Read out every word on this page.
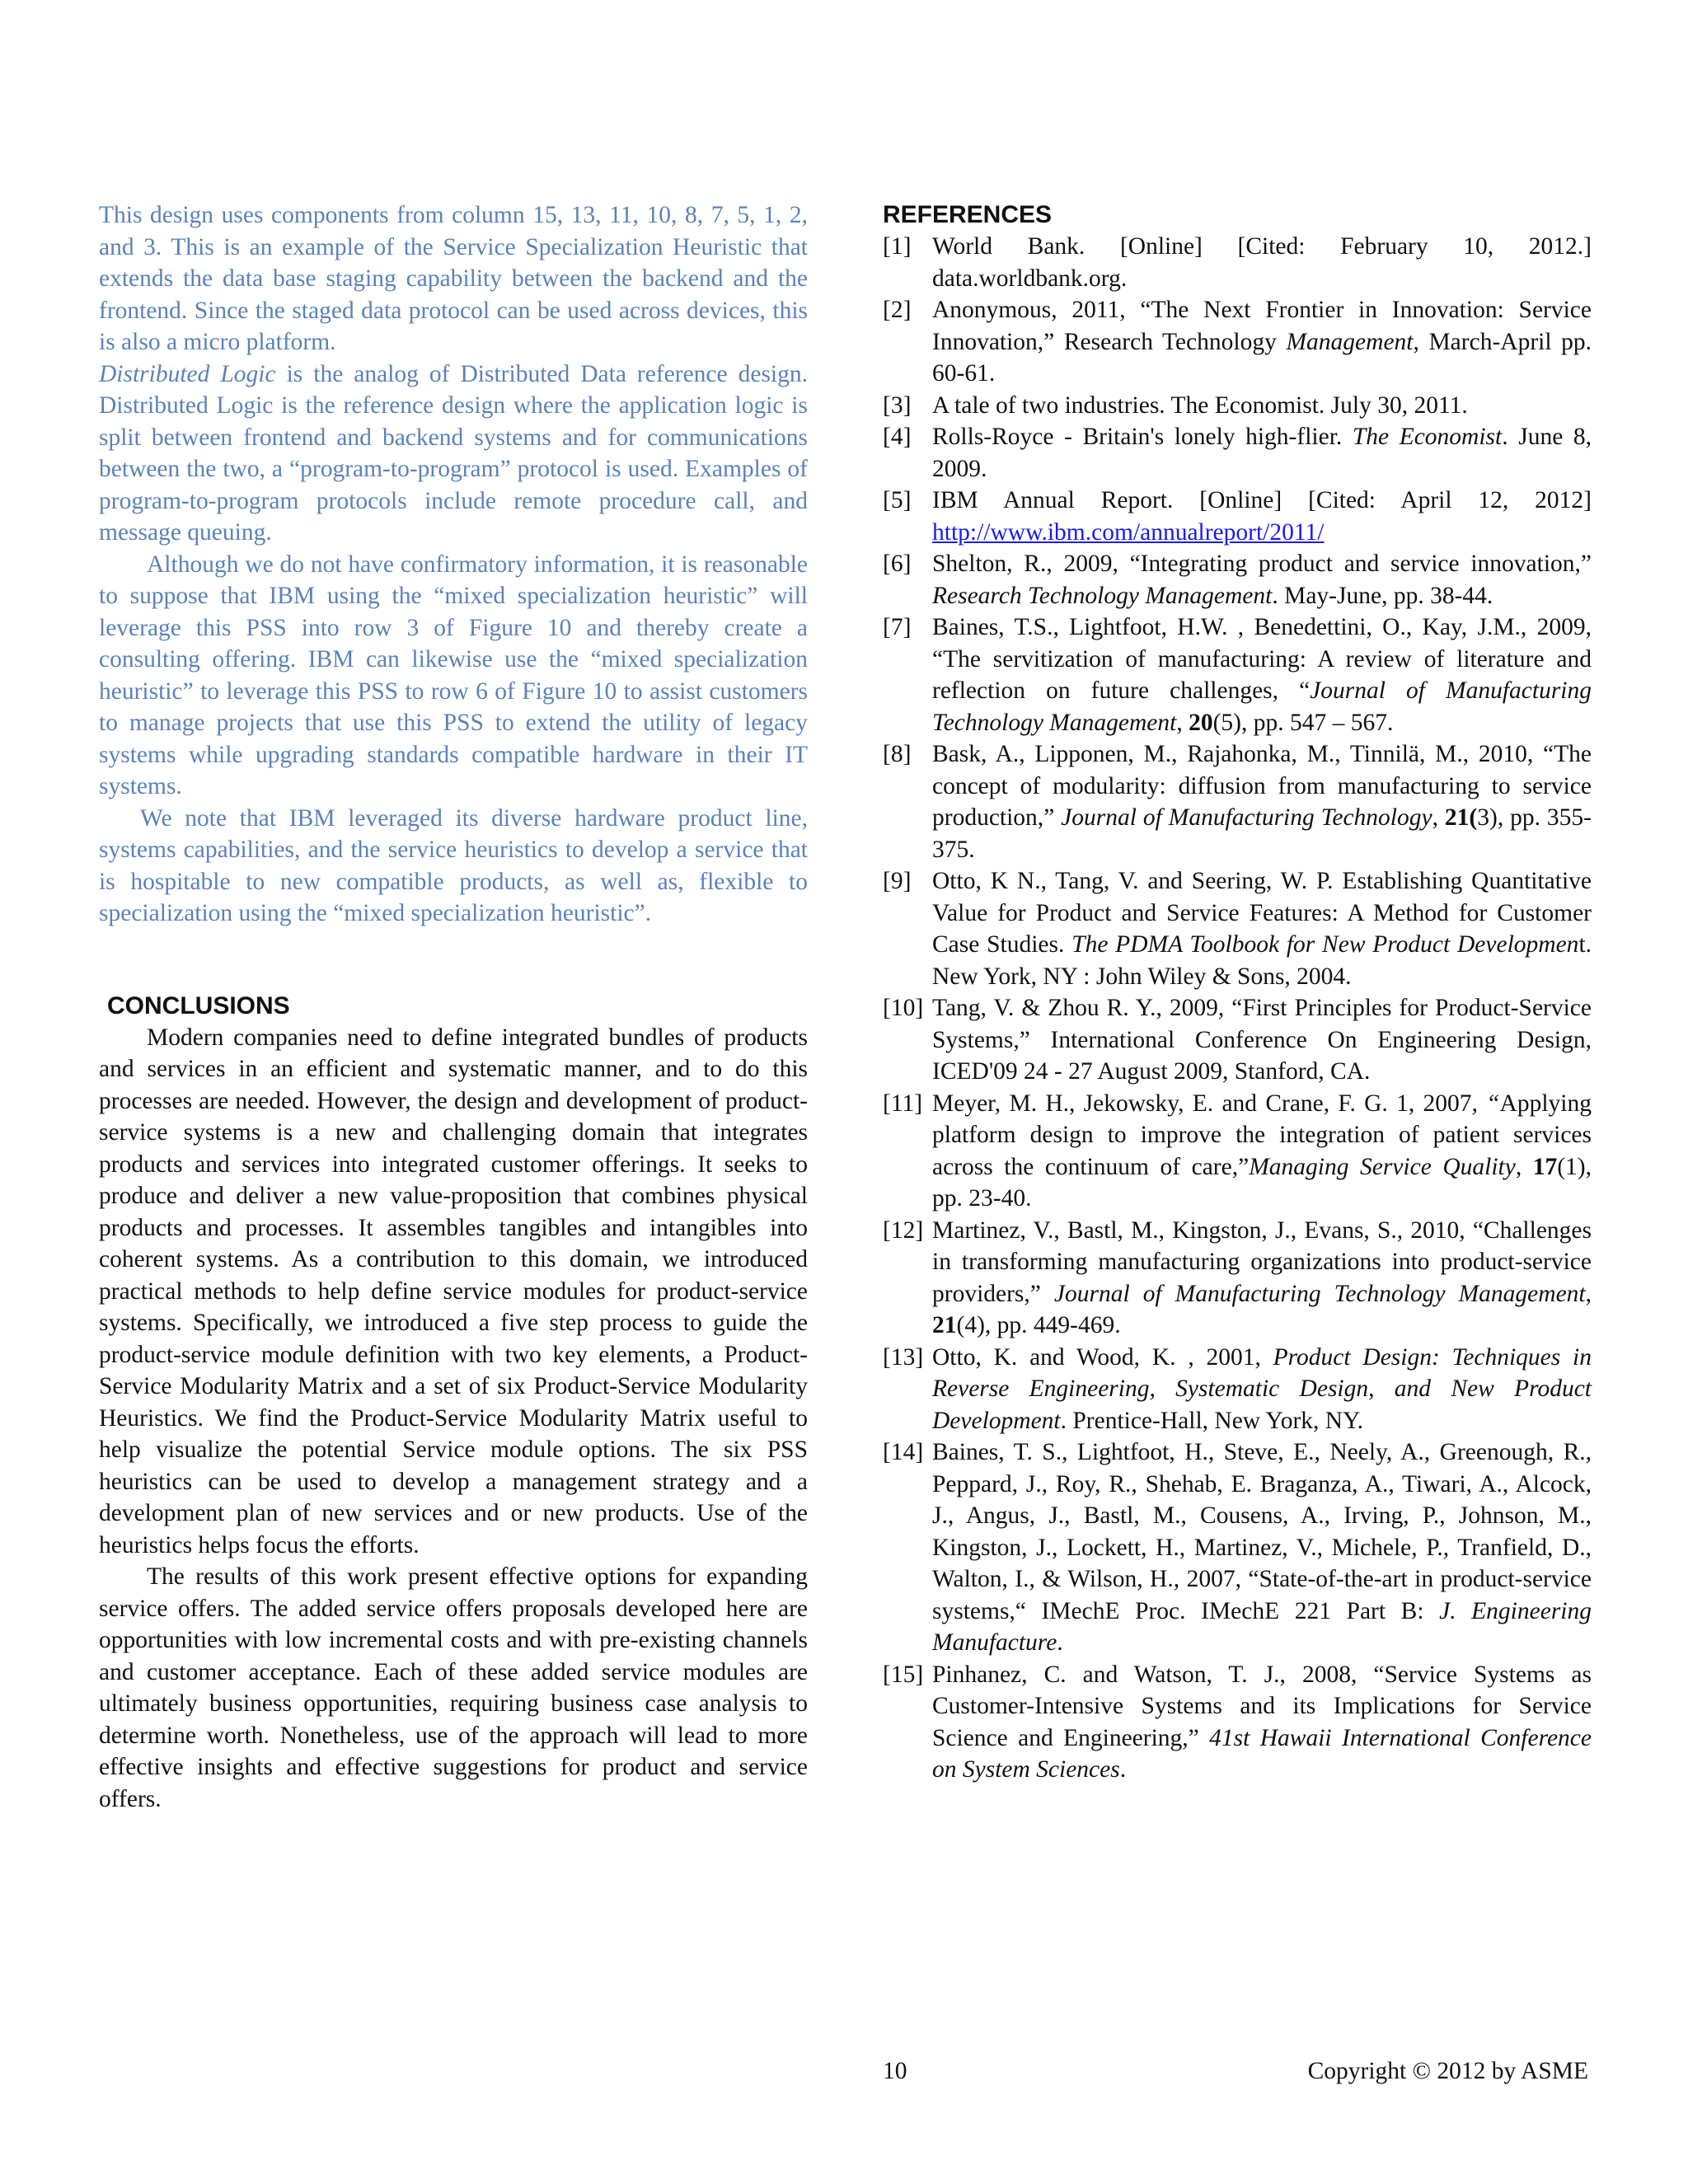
This design uses components from column 15, 13, 11, 10, 8, 7, 5, 1, 2, and 3. This is an example of the Service Specialization Heuristic that extends the data base staging capability between the backend and the frontend. Since the staged data protocol can be used across devices, this is also a micro platform.

Distributed Logic is the analog of Distributed Data reference design. Distributed Logic is the reference design where the application logic is split between frontend and backend systems and for communications between the two, a “program-to-program” protocol is used. Examples of program-to-program protocols include remote procedure call, and message queuing.

Although we do not have confirmatory information, it is reasonable to suppose that IBM using the “mixed specialization heuristic” will leverage this PSS into row 3 of Figure 10 and thereby create a consulting offering. IBM can likewise use the “mixed specialization heuristic” to leverage this PSS to row 6 of Figure 10 to assist customers to manage projects that use this PSS to extend the utility of legacy systems while upgrading standards compatible hardware in their IT systems.

We note that IBM leveraged its diverse hardware product line, systems capabilities, and the service heuristics to develop a service that is hospitable to new compatible products, as well as, flexible to specialization using the “mixed specialization heuristic”.

CONCLUSIONS

Modern companies need to define integrated bundles of products and services in an efficient and systematic manner, and to do this processes are needed. However, the design and development of product-service systems is a new and challenging domain that integrates products and services into integrated customer offerings. It seeks to produce and deliver a new value-proposition that combines physical products and processes. It assembles tangibles and intangibles into coherent systems. As a contribution to this domain, we introduced practical methods to help define service modules for product-service systems. Specifically, we introduced a five step process to guide the product-service module definition with two key elements, a Product-Service Modularity Matrix and a set of six Product-Service Modularity Heuristics. We find the Product-Service Modularity Matrix useful to help visualize the potential Service module options. The six PSS heuristics can be used to develop a management strategy and a development plan of new services and or new products. Use of the heuristics helps focus the efforts.

The results of this work present effective options for expanding service offers. The added service offers proposals developed here are opportunities with low incremental costs and with pre-existing channels and customer acceptance. Each of these added service modules are ultimately business opportunities, requiring business case analysis to determine worth. Nonetheless, use of the approach will lead to more effective insights and effective suggestions for product and service offers.

REFERENCES
[1] World Bank. [Online] [Cited: February 10, 2012.] data.worldbank.org.
[2] Anonymous, 2011, “The Next Frontier in Innovation: Service Innovation,” Research Technology Management, March-April pp. 60-61.
[3] A tale of two industries. The Economist. July 30, 2011.
[4] Rolls-Royce - Britain's lonely high-flier. The Economist. June 8, 2009.
[5] IBM Annual Report. [Online] [Cited: April 12, 2012] http://www.ibm.com/annualreport/2011/
[6] Shelton, R., 2009, “Integrating product and service innovation,” Research Technology Management. May-June, pp. 38-44.
[7] Baines, T.S., Lightfoot, H.W. , Benedettini, O., Kay, J.M., 2009, “The servitization of manufacturing: A review of literature and reflection on future challenges, “Journal of Manufacturing Technology Management, 20(5), pp. 547 – 567.
[8] Bask, A., Lipponen, M., Rajahonka, M., Tinnilä, M., 2010, “The concept of modularity: diffusion from manufacturing to service production,” Journal of Manufacturing Technology, 21(3), pp. 355-375.
[9] Otto, K N., Tang, V. and Seering, W. P. Establishing Quantitative Value for Product and Service Features: A Method for Customer Case Studies. The PDMA Toolbook for New Product Development. New York, NY : John Wiley & Sons, 2004.
[10] Tang, V. & Zhou R. Y., 2009, “First Principles for Product-Service Systems,” International Conference On Engineering Design, ICED'09 24 - 27 August 2009, Stanford, CA.
[11] Meyer, M. H., Jekowsky, E. and Crane, F. G. 1, 2007, “Applying platform design to improve the integration of patient services across the continuum of care,”Managing Service Quality, 17(1), pp. 23-40.
[12] Martinez, V., Bastl, M., Kingston, J., Evans, S., 2010, “Challenges in transforming manufacturing organizations into product-service providers,” Journal of Manufacturing Technology Management, 21(4), pp. 449-469.
[13] Otto, K. and Wood, K. , 2001, Product Design: Techniques in Reverse Engineering, Systematic Design, and New Product Development. Prentice-Hall, New York, NY.
[14] Baines, T. S., Lightfoot, H., Steve, E., Neely, A., Greenough, R., Peppard, J., Roy, R., Shehab, E. Braganza, A., Tiwari, A., Alcock, J., Angus, J., Bastl, M., Cousens, A., Irving, P., Johnson, M., Kingston, J., Lockett, H., Martinez, V., Michele, P., Tranfield, D., Walton, I., & Wilson, H., 2007, “State-of-the-art in product-service systems,“ IMechE Proc. IMechE 221 Part B: J. Engineering Manufacture.
[15] Pinhanez, C. and Watson, T. J., 2008, “Service Systems as Customer-Intensive Systems and its Implications for Service Science and Engineering,” 41st Hawaii International Conference on System Sciences.
10	Copyright © 2012 by ASME
